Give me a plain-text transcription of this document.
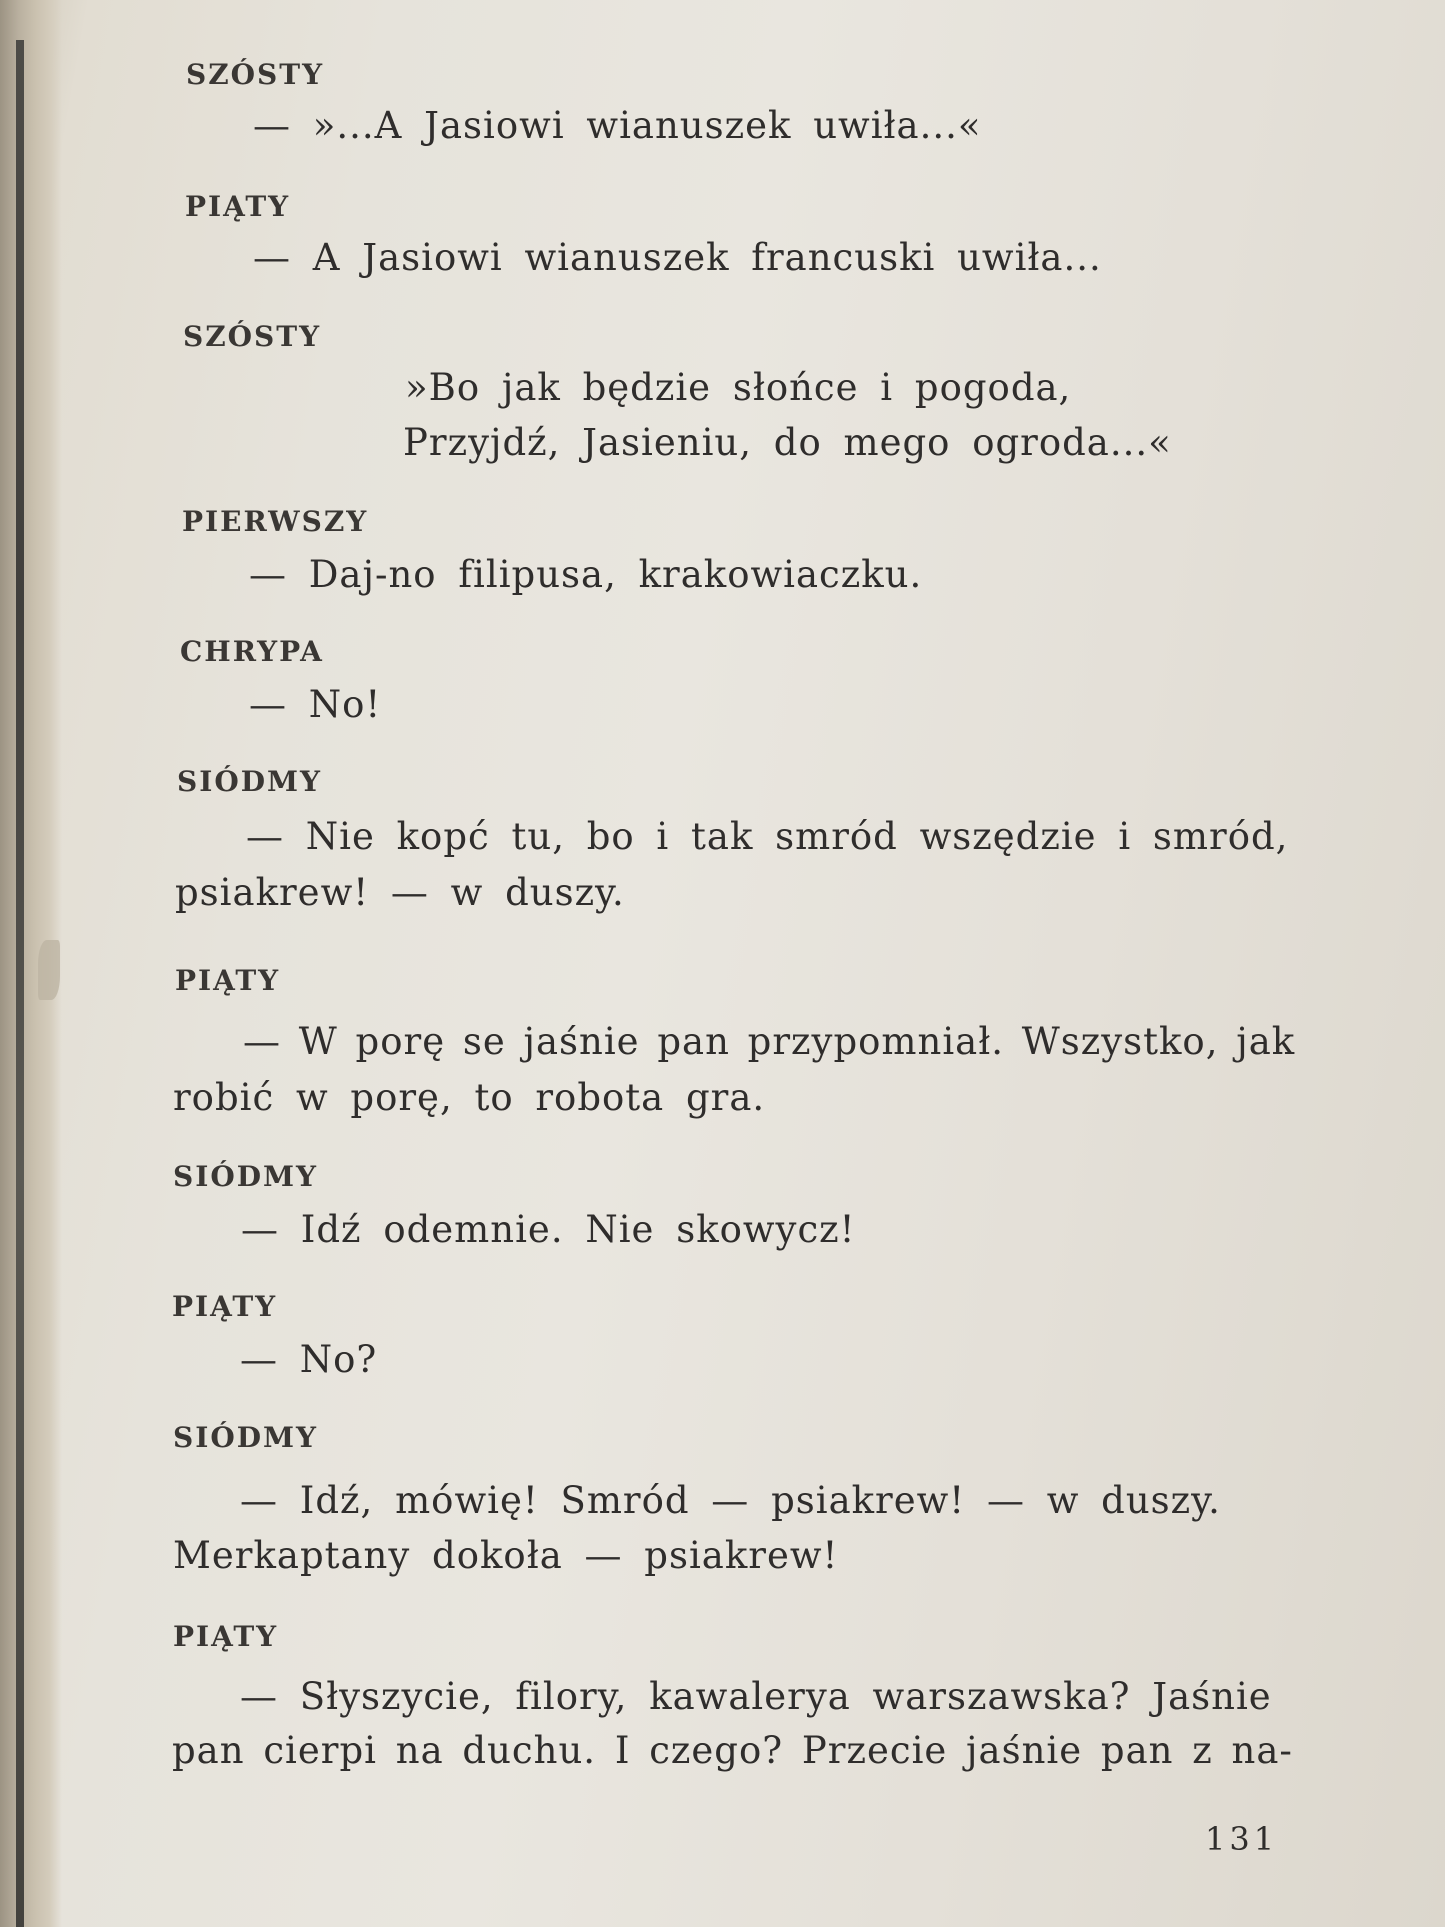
SZÓSTY
— »...A Jasiowi wianuszek uwiła...«
PIĄTY
— A Jasiowi wianuszek francuski uwiła...
SZÓSTY
»Bo jak będzie słońce i pogoda,
Przyjdź, Jasieniu, do mego ogroda...«
PIERWSZY
— Daj-no filipusa, krakowiaczku.
CHRYPA
— No!
SIÓDMY
— Nie kopć tu, bo i tak smród wszędzie i smród,
psiakrew! — w duszy.
PIĄTY
— W porę se jaśnie pan przypomniał. Wszystko, jak
robić w porę, to robota gra.
SIÓDMY
— Idź odemnie. Nie skowycz!
PIĄTY
— No?
SIÓDMY
— Idź, mówię! Smród — psiakrew! — w duszy.
Merkaptany dokoła — psiakrew!
PIĄTY
— Słyszycie, filory, kawalerya warszawska? Jaśnie
pan cierpi na duchu. I czego? Przecie jaśnie pan z na-
131
